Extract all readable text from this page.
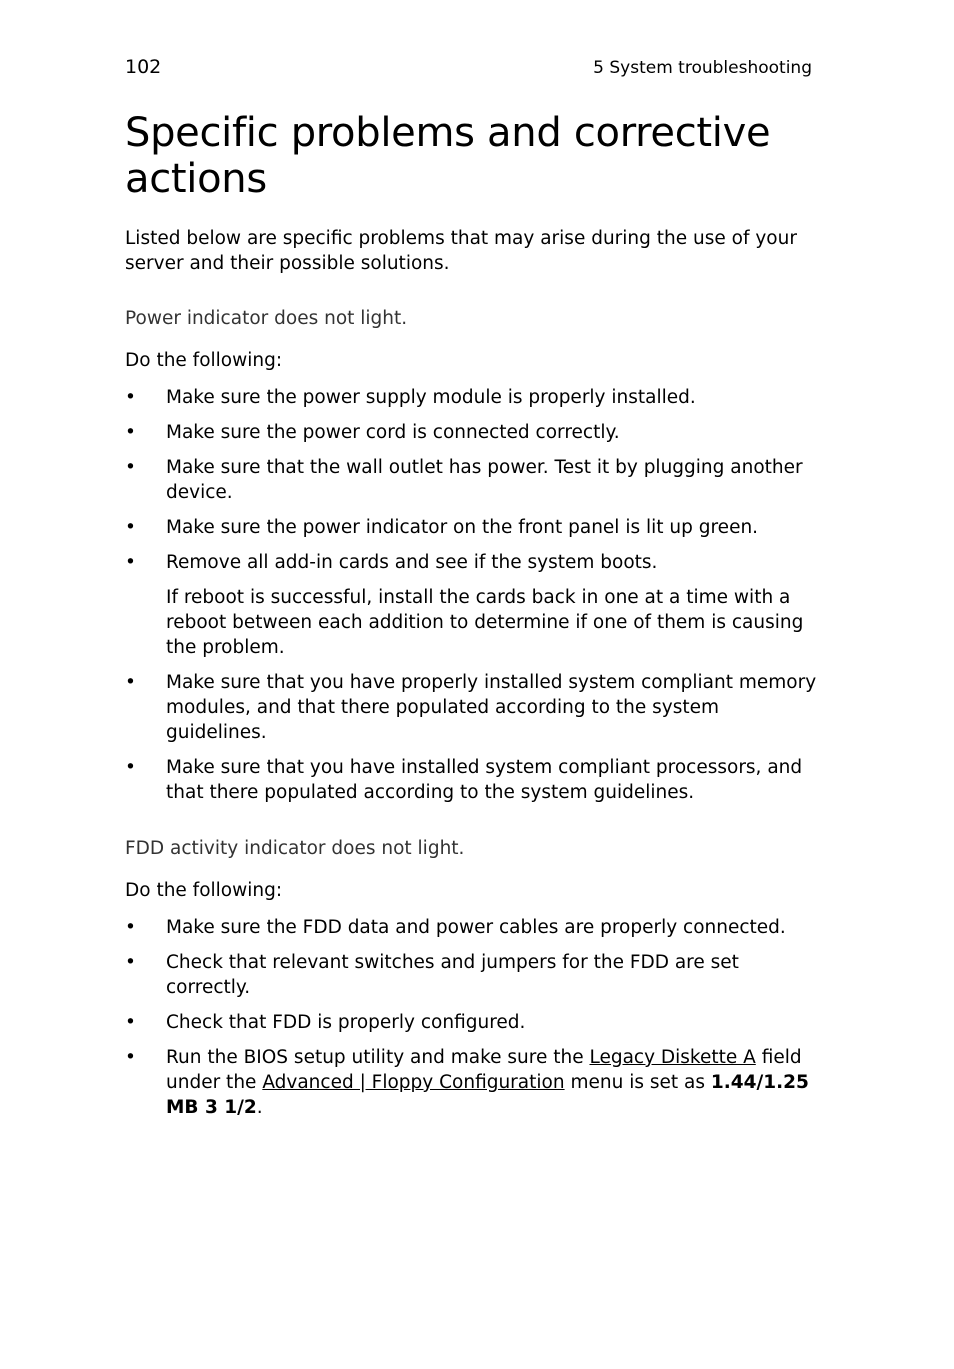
102	5 System troubleshooting
Specific problems and corrective actions

Listed below are specific problems that may arise during the use of your server and their possible solutions.

Power indicator does not light.

Do the following:

• Make sure the power supply module is properly installed.
• Make sure the power cord is connected correctly.
• Make sure that the wall outlet has power. Test it by plugging another device.
• Make sure the power indicator on the front panel is lit up green.
• Remove all add-in cards and see if the system boots.

If reboot is successful, install the cards back in one at a time with a reboot between each addition to determine if one of them is causing the problem.

• Make sure that you have properly installed system compliant memory modules, and that there populated according to the system guidelines.
• Make sure that you have installed system compliant processors, and that there populated according to the system guidelines.
FDD activity indicator does not light.

Do the following:

• Make sure the FDD data and power cables are properly connected.
• Check that relevant switches and jumpers for the FDD are set correctly.
• Check that FDD is properly configured.
• Run the BIOS setup utility and make sure the Legacy Diskette A field under the Advanced | Floppy Configuration menu is set as 1.44/1.25 MB 3 1/2.
